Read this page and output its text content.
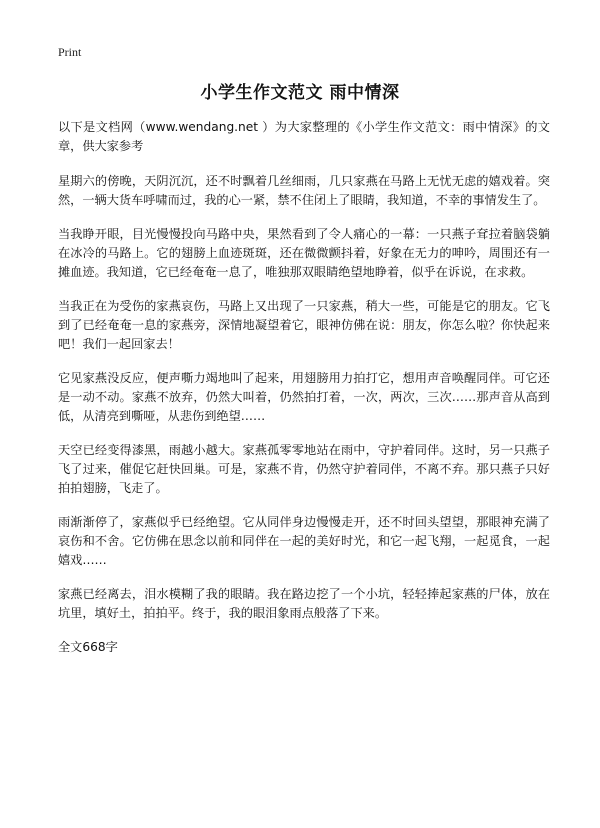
Print
小学生作文范文 雨中情深

以下是文档网（www.wendang.net ）为大家整理的《小学生作文范文：雨中情深》的文章，供大家参考

星期六的傍晚，天阴沉沉，还不时飘着几丝细雨，几只家燕在马路上无忧无虑的嬉戏着。突然，一辆大货车呼啸而过，我的心一紧，禁不住闭上了眼睛，我知道，不幸的事情发生了。

当我睁开眼，目光慢慢投向马路中央，果然看到了令人痛心的一幕：一只燕子耷拉着脑袋躺在冰冷的马路上。它的翅膀上血迹斑斑，还在微微颤抖着，好象在无力的呻吟，周围还有一摊血迹。我知道，它已经奄奄一息了，唯独那双眼睛绝望地睁着，似乎在诉说，在求救。

当我正在为受伤的家燕哀伤，马路上又出现了一只家燕，稍大一些，可能是它的朋友。它飞到了已经奄奄一息的家燕旁，深情地凝望着它，眼神仿佛在说：朋友，你怎么啦？你快起来吧！我们一起回家去！

它见家燕没反应，便声嘶力竭地叫了起来，用翅膀用力拍打它，想用声音唤醒同伴。可它还是一动不动。家燕不放弃，仍然大叫着，仍然拍打着，一次，两次，三次……那声音从高到低，从清亮到嘶哑，从悲伤到绝望……

天空已经变得漆黑，雨越小越大。家燕孤零零地站在雨中，守护着同伴。这时，另一只燕子飞了过来，催促它赶快回巢。可是，家燕不肯，仍然守护着同伴，不离不弃。那只燕子只好拍拍翅膀，飞走了。

雨渐渐停了，家燕似乎已经绝望。它从同伴身边慢慢走开，还不时回头望望，那眼神充满了哀伤和不舍。它仿佛在思念以前和同伴在一起的美好时光，和它一起飞翔，一起觅食，一起嬉戏……

家燕已经离去，泪水模糊了我的眼睛。我在路边挖了一个小坑，轻轻捧起家燕的尸体，放在坑里，填好土，拍拍平。终于，我的眼泪象雨点般落了下来。

全文668字
